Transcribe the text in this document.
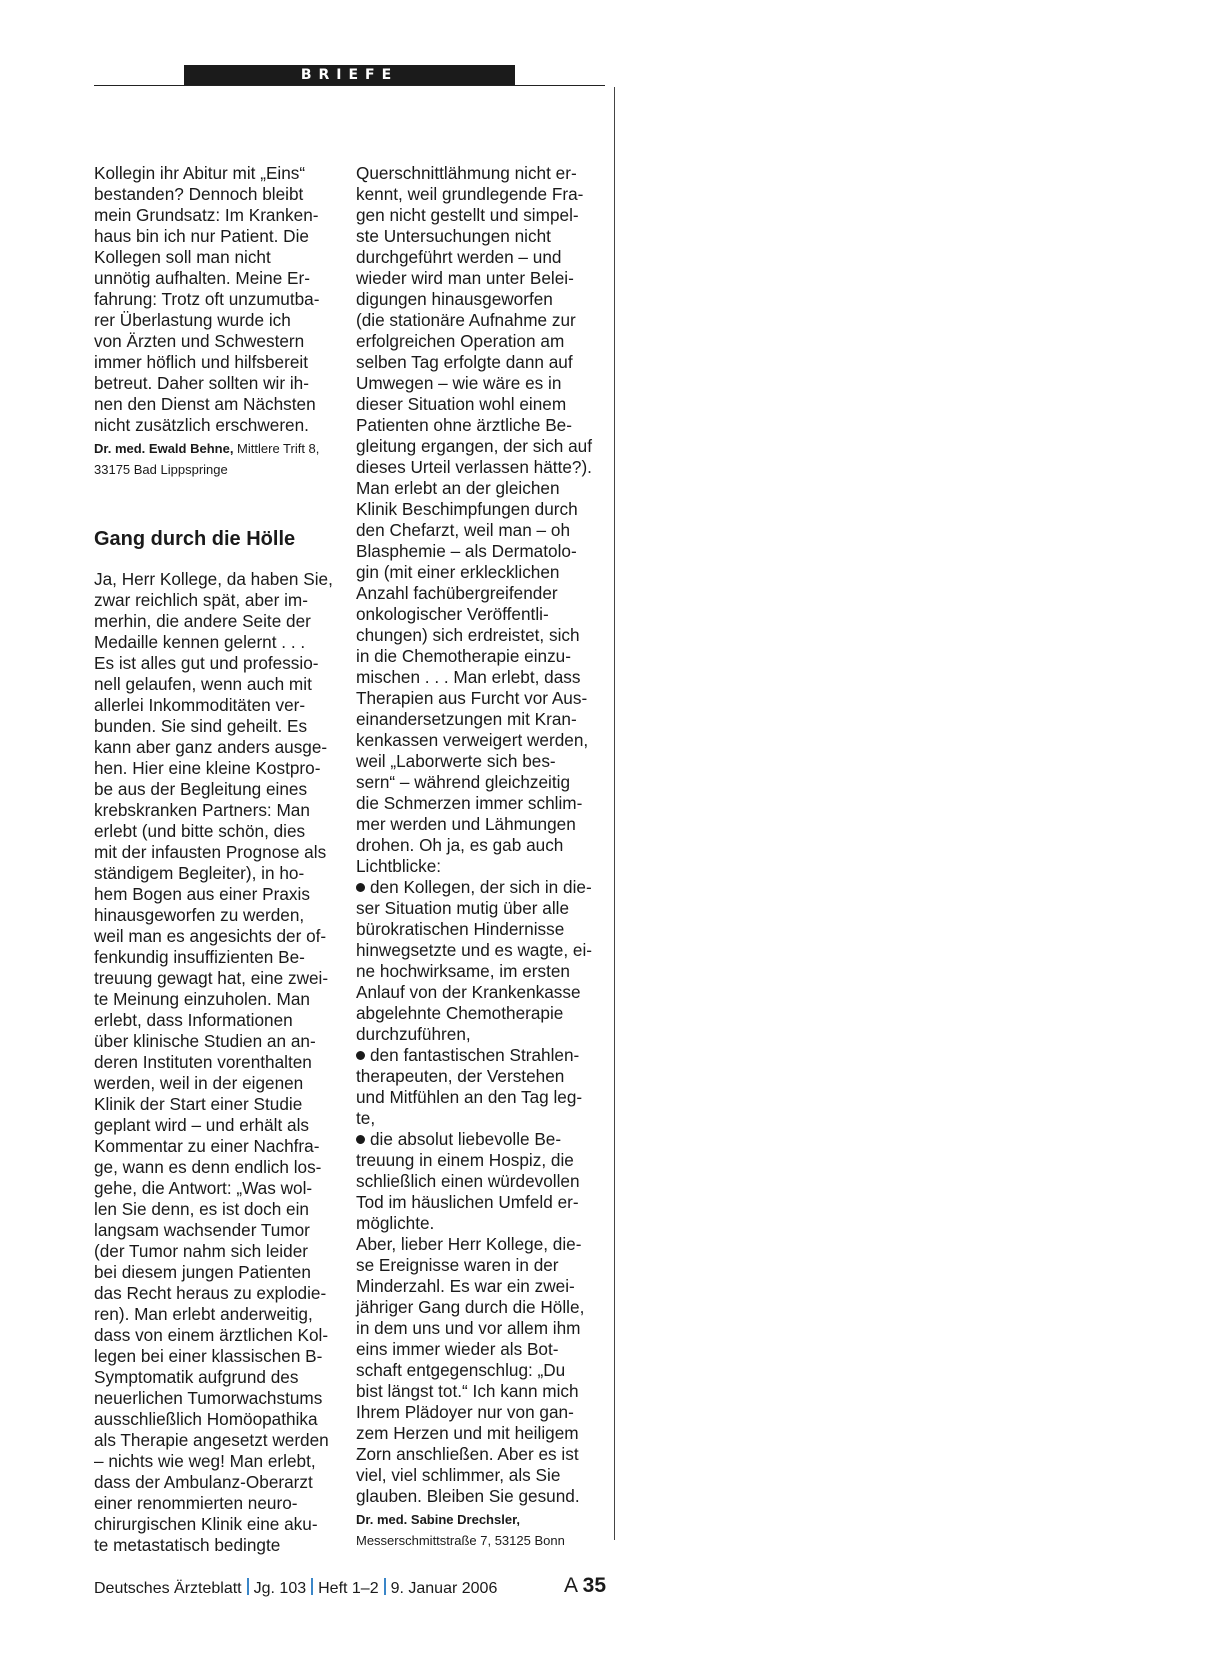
BRIEFE
Kollegin ihr Abitur mit „Eins“
bestanden? Dennoch bleibt
mein Grundsatz: Im Kranken-
haus bin ich nur Patient. Die
Kollegen soll man nicht
unnötig aufhalten. Meine Er-
fahrung: Trotz oft unzumutba-
rer Überlastung wurde ich
von Ärzten und Schwestern
immer höflich und hilfsbereit
betreut. Daher sollten wir ih-
nen den Dienst am Nächsten
nicht zusätzlich erschweren.
Dr. med. Ewald Behne, Mittlere Trift 8,
33175 Bad Lippspringe
Gang durch die Hölle
Ja, Herr Kollege, da haben Sie,
zwar reichlich spät, aber im-
merhin, die andere Seite der
Medaille kennen gelernt . . .
Es ist alles gut und professio-
nell gelaufen, wenn auch mit
allerlei Inkommoditäten ver-
bunden. Sie sind geheilt. Es
kann aber ganz anders ausge-
hen. Hier eine kleine Kostpro-
be aus der Begleitung eines
krebskranken Partners: Man
erlebt (und bitte schön, dies
mit der infausten Prognose als
ständigem Begleiter), in ho-
hem Bogen aus einer Praxis
hinausgeworfen zu werden,
weil man es angesichts der of-
fenkundig insuffizienten Be-
treuung gewagt hat, eine zwei-
te Meinung einzuholen. Man
erlebt, dass Informationen
über klinische Studien an an-
deren Instituten vorenthalten
werden, weil in der eigenen
Klinik der Start einer Studie
geplant wird – und erhält als
Kommentar zu einer Nachfra-
ge, wann es denn endlich los-
gehe, die Antwort: „Was wol-
len Sie denn, es ist doch ein
langsam wachsender Tumor
(der Tumor nahm sich leider
bei diesem jungen Patienten
das Recht heraus zu explodie-
ren). Man erlebt anderweitig,
dass von einem ärztlichen Kol-
legen bei einer klassischen B-
Symptomatik aufgrund des
neuerlichen Tumorwachstums
ausschließlich Homöopathika
als Therapie angesetzt werden
– nichts wie weg! Man erlebt,
dass der Ambulanz-Oberarzt
einer renommierten neuro-
chirurgischen Klinik eine aku-
te metastatisch bedingte
Querschnittlähmung nicht er-
kennt, weil grundlegende Fra-
gen nicht gestellt und simpel-
ste Untersuchungen nicht
durchgeführt werden – und
wieder wird man unter Belei-
digungen hinausgeworfen
(die stationäre Aufnahme zur
erfolgreichen Operation am
selben Tag erfolgte dann auf
Umwegen – wie wäre es in
dieser Situation wohl einem
Patienten ohne ärztliche Be-
gleitung ergangen, der sich auf
dieses Urteil verlassen hätte?).
Man erlebt an der gleichen
Klinik Beschimpfungen durch
den Chefarzt, weil man – oh
Blasphemie – als Dermatolo-
gin (mit einer erklecklichen
Anzahl fachübergreifender
onkologischer Veröffentli-
chungen) sich erdreistet, sich
in die Chemotherapie einzu-
mischen . . . Man erlebt, dass
Therapien aus Furcht vor Aus-
einandersetzungen mit Kran-
kenkassen verweigert werden,
weil „Laborwerte sich bes-
sern“ – während gleichzeitig
die Schmerzen immer schlim-
mer werden und Lähmungen
drohen. Oh ja, es gab auch
Lichtblicke:
den Kollegen, der sich in die-
ser Situation mutig über alle
bürokratischen Hindernisse
hinwegsetzte und es wagte, ei-
ne hochwirksame, im ersten
Anlauf von der Krankenkasse
abgelehnte Chemotherapie
durchzuführen,
den fantastischen Strahlen-
therapeuten, der Verstehen
und Mitfühlen an den Tag leg-
te,
die absolut liebevolle Be-
treuung in einem Hospiz, die
schließlich einen würdevollen
Tod im häuslichen Umfeld er-
möglichte.
Aber, lieber Herr Kollege, die-
se Ereignisse waren in der
Minderzahl. Es war ein zwei-
jähriger Gang durch die Hölle,
in dem uns und vor allem ihm
eins immer wieder als Bot-
schaft entgegenschlug: „Du
bist längst tot.“ Ich kann mich
Ihrem Plädoyer nur von gan-
zem Herzen und mit heiligem
Zorn anschließen. Aber es ist
viel, viel schlimmer, als Sie
glauben. Bleiben Sie gesund.
Dr. med. Sabine Drechsler,
Messerschmittstraße 7, 53125 Bonn
Deutsches Ärzteblatt Jg. 103 Heft 1–2 9. Januar 2006	A 35
